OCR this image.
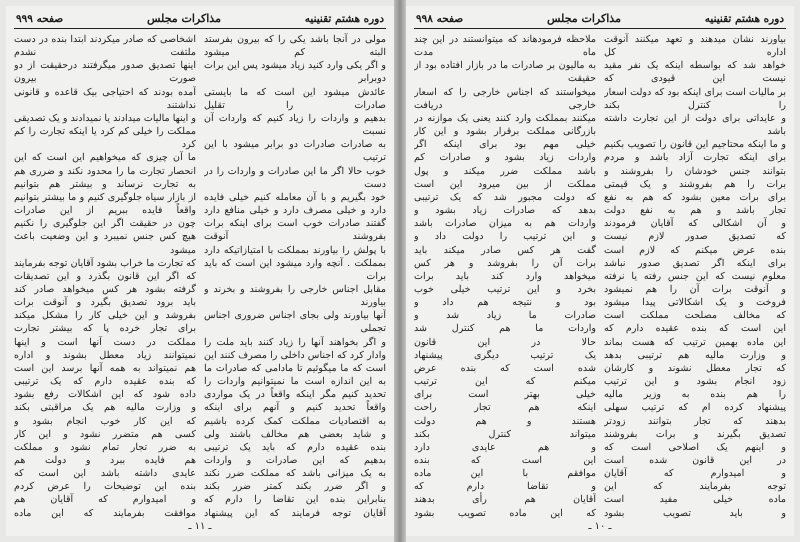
دوره هشتم تقنینیه
مذاکرات مجلس
صفحه ۹۹۹

مولى در آنجا باشد یکى را که بیرون بفرستد البته کم میشود

و اگر یکى وارد کنید زیاد میشود پس این برات دوبرابر

عائدش میشود این است که ما بایستى صادرات را تقلیل

بدهیم و واردات را زیاد کنیم که واردات آن نسبت

به صادرات صادرات دو برابر میشود با این ترتیب

خوب حالا اگر ما این صادرات و واردات را در دست

خود بگیریم و با آن معامله کنیم خیلى فایده

دارد و خیلى مصرف دارد و خیلى منافع دارد

گفتند صادرات خوب است براى اینکه برات بفروشند آنوقت

با پولش را بیاورند بمملکت با امتیازاتیکه دارد

بمملکت . آنچه وارد میشود این است که باید برات

مقابل اجناس خارجى را بفروشند و بخرند و بیاورند

آنها بیاورند ولى بجاى اجناس ضرورى اجناس تجملى

و اگر بخواهند آنها را زیاد کنند باید ملت را

وادار کرد که اجناس داخلى را مصرف کنند این

است که ما میگوئیم تا مادامى که صادرات ما

به این اندازه است ما نمیتوانیم واردات را

تحدید کنیم مگر اینکه واقعاً در یک مواردى

واقعاً تحدید کنیم و آنهم براى اینکه

به اقتصادیات مملکت کمک کرده باشیم

و شاید بعضى هم مخالف باشند ولى

بنده عقیده دارم که باید یک ترتیبى

بدهیم که این صادرات و واردات

به یک میزانى باشد که مملکت ضرر نکند

و اگر ضرر بکند کمتر ضرر بکند

بنابراین بنده این تقاضا را دارم که

آقایان توجه فرمایند که این پیشنهاد

اشخاصى که صادر میکردند ابتدا بنده در دست ملتفت نشدم

اینها تصدیق صدور میگرفتند درحقیقت از دو صورت بیرون

آمده بودند که احتیاجى بیک قاعده و قانونى نداشتند

و اینها مالیات میدادند یا نمیدادند و یک تصدیقى

مملکت را خیلى کم کرد یا اینکه تجارت را کم کرد

ما آن چیزى که میخواهیم این است که این

انحصار تجارت ما را محدود نکند و ضررى هم

به تجارت نرساند و بیشتر هم بتوانیم

از بازار سیاه جلوگیرى کنیم و ما بیشتر بتوانیم

واقعاً فایده ببریم از این صادرات

چون در حقیقت اگر این جلوگیرى را نکنیم

هیچ کس جنس نمیبرد و این وضعیت باعث میشود

که تجارت ما خراب بشود آقایان توجه بفرمایند

که اگر این قانون بگذرد و این تصدیقات

گرفته بشود هر کس میخواهد صادر کند

باید برود تصدیق بگیرد و آنوقت برات

بفروشد و این خیلى کار را مشکل میکند

براى تجار خرده پا که بیشتر تجارت

مملکت در دست آنها است و اینها

نمیتوانند زیاد معطل بشوند و اداره

هم نمیتواند به همه آنها برسد این است

که بنده عقیده دارم که یک ترتیبى

داده شود که این اشکالات رفع بشود

و وزارت مالیه هم یک مراقبتى بکند

که این کار خوب انجام بشود و

کسى هم متضرر نشود و این کار

به ضرر تجار تمام نشود و مملکت

هم فایده ببرد و دولت هم

عایدى داشته باشد این است که

بنده این توضیحات را عرض کردم

و امیدوارم که آقایان هم

موافقت بفرمایند که این ماده

ـ ۱۱ ـ
دوره هشتم تقنینیه
مذاکرات مجلس
صفحه ۹۹۸

بیاورند نشان میدهند و تعهد میکنند آنوقت اداره کل

خواهد شد که بواسطه اینکه یک نفر مقید نیست این قیودى که

بر مالیات است برای اینکه بود که دولت اسعار را کنترل بکند

و عایداتى براى دولت از این تجارت داشته باشد

و ما اینکه محتاجیم این قانون را تصویب بکنیم

براى اینکه تجارت آزاد باشد و مردم

بتوانند جنس خودشان را بفروشند و

برات را هم بفروشند و یک قیمتى

براى برات معین بشود که هم به نفع

تجار باشد و هم به نفع دولت

و آن اشکالى که آقایان فرمودند

که تصدیق صدور لازم نیست

بنده عرض میکنم که لازم است

براى اینکه اگر تصدیق صدور نباشد

معلوم نیست که این جنس رفته یا نرفته

و آنوقت برات آن را هم نمیشود

فروخت و یک اشکالاتى پیدا میشود

که مخالف مصلحت مملکت است

این است که بنده عقیده دارم که

این ماده بهمین ترتیب که هست بماند

و وزارت مالیه هم ترتیبى بدهد

که تجار معطل نشوند و کارشان

زود انجام بشود و این ترتیب

را هم بنده به وزیر مالیه

پیشنهاد کرده ام که ترتیب سهلى

بدهند که تجار بتوانند زودتر

تصدیق بگیرند و برات بفروشند

و اینهم یک اصلاحى است که

در این قانون شده است

و امیدوارم که آقایان

توجه بفرمایند که این

ماده خیلى مفید است

و باید تصویب بشود

ملاحظه فرمودهاند که میتوانستند در این چند ماه مدت

به مالیون بر صادرات ما در بازار افتاده بود از حقیقت

میخواستند که اجناس خارجى را که اسعار خارجى دریافت

میکنند بمملکت وارد کنند یعنى یک موازنه در

بازرگانى مملکت برقرار بشود و این کار

خیلى مهم بود براى اینکه اگر

واردات زیاد بشود و صادرات کم

باشد مملکت ضرر میکند و پول

مملکت از بین میرود این است

که دولت مجبور شد که یک ترتیبى

بدهد که صادرات زیاد بشود و

واردات هم به میزان صادرات باشد

و این ترتیب را دولت داد و

گفت هر کس صادر میکند باید

برات آن را بفروشد و هر کس

میخواهد وارد کند باید برات

بخرد و این ترتیب خیلى خوب

بود و نتیجه هم داد و

صادرات ما زیاد شد و

واردات ما هم کنترل شد

حالا در این قانون

یک ترتیب دیگرى پیشنهاد

شده است که بنده عرض

میکنم که این ترتیب

خیلى بهتر است براى

اینکه هم تجار راحت

هستند و هم دولت

میتواند کنترل بکند

و هم عایدى دارد

این است که بنده

موافقم با این ماده

و تقاضا دارم که

آقایان هم رأى بدهند

که این ماده تصویب بشود

ـ ۱۰ ـ
